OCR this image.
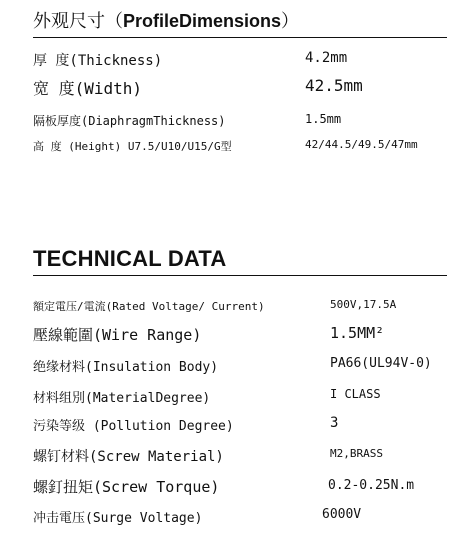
外观尺寸（ProfileDimensions）
厚 度(Thickness)	4.2mm
宽 度(Width)	42.5mm
隔板厚度(DiaphragmThickness)	1.5mm
高 度 (Height) U7.5/U10/U15/G型	42/44.5/49.5/47mm
TECHNICAL DATA
額定電压/電流(Rated Voltage/ Current)	500V,17.5A
壓線範圍(Wire Range)	1.5MM²
绝缘材料(Insulation Body)	PA66(UL94V-0)
材料组別(MaterialDegree)	I CLASS
污染等级 (Pollution Degree)	3
螺钉材料(Screw Material)	M2,BRASS
螺釘扭矩(Screw Torque)	0.2-0.25N.m
冲击電压(Surge Voltage)	6000V
